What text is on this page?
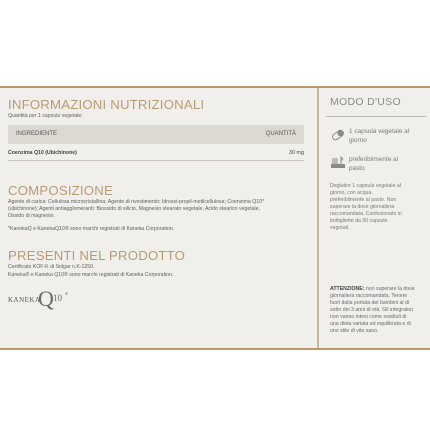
INFORMAZIONI NUTRIZIONALI
Quantità per 1 capsula vegetale:
INGREDIENTE	QUANTITÀ
Coenzima Q10 (Ubichinone)	30 mg
COMPOSIZIONE
Agente di carica: Cellulosa microcristallina; Agente di rivestimento: Idrossi-propil-metilcellulosa; Coenzima Q10*
(ubichinone); Agenti antiagglomeranti: Biossido di silicio, Magnesio stearato vegetale, Acido stearico vegetale,
Ossido di magnesio.
*KanekaQ e KanekaQ10® sono marchi registrati di Kaneka Corporation.
PRESENTI NEL PRODOTTO
Certificato KOF-K di Solgar n.K-1250.
Kaneka® e Kaneka Q10® sono marchi registrati di Kaneka Corporation.
KANEKA
Q 10 ®
MODO D'USO
1 capsula vegetale al
giorno
preferibilmente al
pasto
Deglutire 1 capsula vegetale al
giorno, con acqua,
preferibilmente al pasto. Non
superare la dose giornaliera
raccomandata. Confezionato in
bottigliette da 30 capsule
vegetali.
ATTENZIONE: non superare la dose
giornaliera raccomandata. Tenere
fuori dalla portata dei bambini al di
sotto dei 3 anni di età. Gli integratori
non vanno intesi come sostituti di
una dieta variata ed equilibrata e di
uno stile di vita sano.
